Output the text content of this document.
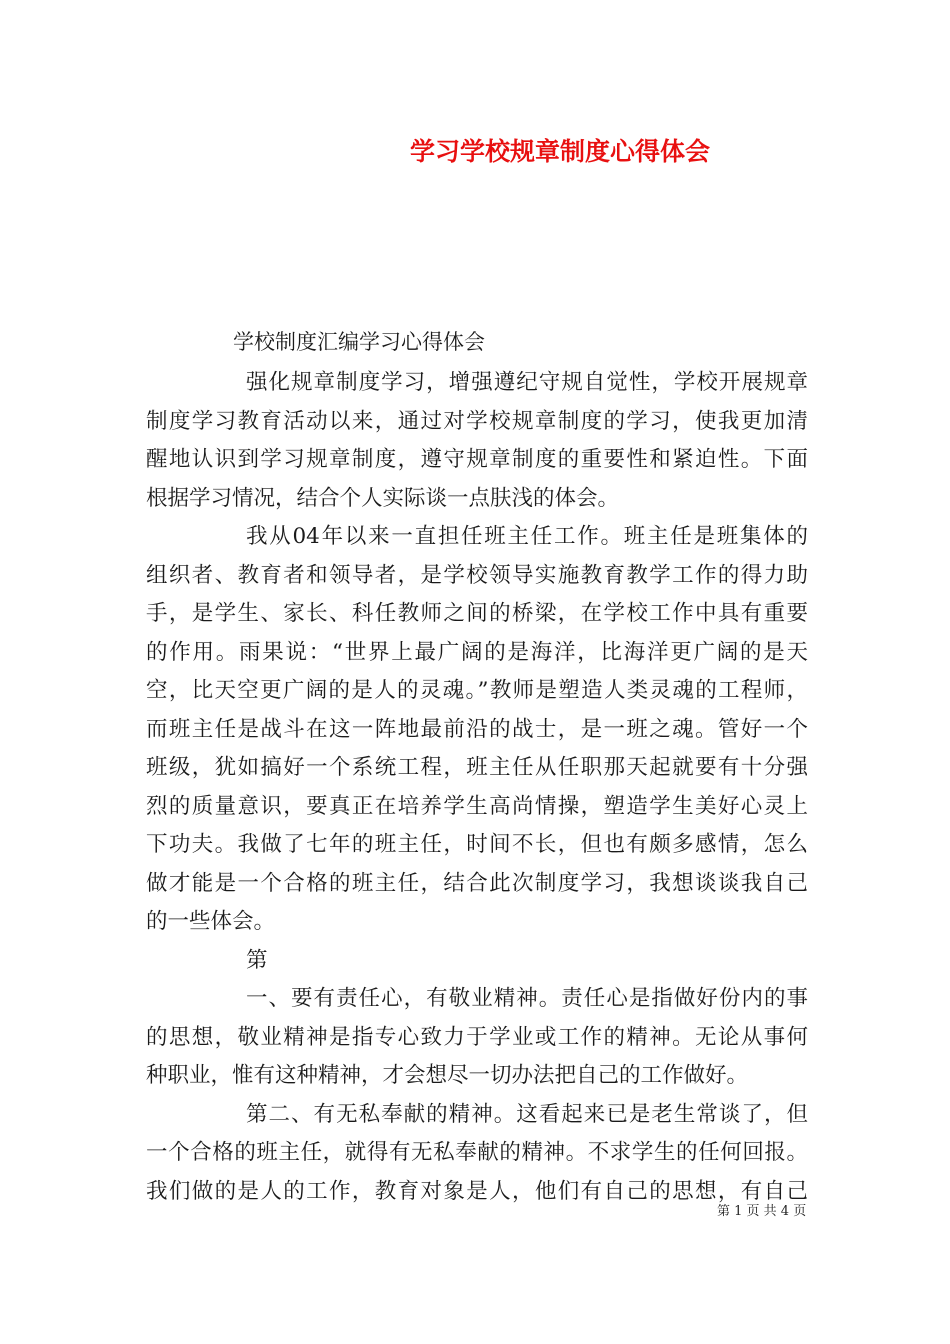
学习学校规章制度心得体会
学校制度汇编学习心得体会
强化规章制度学习，增强遵纪守规自觉性，学校开展规章
制度学习教育活动以来，通过对学校规章制度的学习，使我更加清
醒地认识到学习规章制度，遵守规章制度的重要性和紧迫性。下面
根据学习情况，结合个人实际谈一点肤浅的体会。
我从04年以来一直担任班主任工作。班主任是班集体的
组织者、教育者和领导者，是学校领导实施教育教学工作的得力助
手，是学生、家长、科任教师之间的桥梁，在学校工作中具有重要
的作用。雨果说：“世界上最广阔的是海洋，比海洋更广阔的是天
空，比天空更广阔的是人的灵魂。”教师是塑造人类灵魂的工程师，
而班主任是战斗在这一阵地最前沿的战士，是一班之魂。管好一个
班级，犹如搞好一个系统工程，班主任从任职那天起就要有十分强
烈的质量意识，要真正在培养学生高尚情操，塑造学生美好心灵上
下功夫。我做了七年的班主任，时间不长，但也有颇多感情，怎么
做才能是一个合格的班主任，结合此次制度学习，我想谈谈我自己
的一些体会。
第
一、要有责任心，有敬业精神。责任心是指做好份内的事
的思想，敬业精神是指专心致力于学业或工作的精神。无论从事何
种职业，惟有这种精神，才会想尽一切办法把自己的工作做好。
第二、有无私奉献的精神。这看起来已是老生常谈了，但
一个合格的班主任，就得有无私奉献的精神。不求学生的任何回报。
我们做的是人的工作，教育对象是人，他们有自己的思想，有自己
第 1 页 共 4 页
